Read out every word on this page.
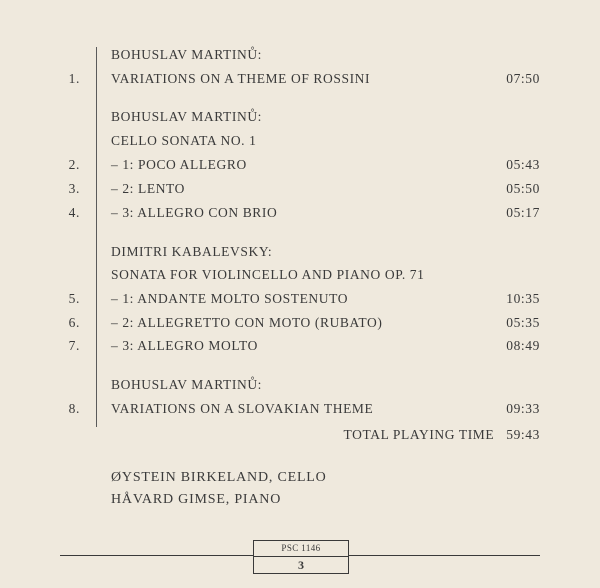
BOHUSLAV MARTINŮ:
1. VARIATIONS ON A THEME OF ROSSINI	07:50
BOHUSLAV MARTINŮ:
CELLO SONATA NO. 1
2. – 1: POCO ALLEGRO	05:43
3. – 2: LENTO	05:50
4. – 3: ALLEGRO CON BRIO	05:17
DIMITRI KABALEVSKY:
SONATA FOR VIOLINCELLO AND PIANO OP. 71
5. – 1: ANDANTE MOLTO SOSTENUTO	10:35
6. – 2: ALLEGRETTO CON MOTO (RUBATO)	05:35
7. – 3: ALLEGRO MOLTO	08:49
BOHUSLAV MARTINŮ:
8. VARIATIONS ON A SLOVAKIAN THEME	09:33
TOTAL PLAYING TIME 59:43
ØYSTEIN BIRKELAND, CELLO
HÅVARD GIMSE, PIANO
PSC 1146
3
